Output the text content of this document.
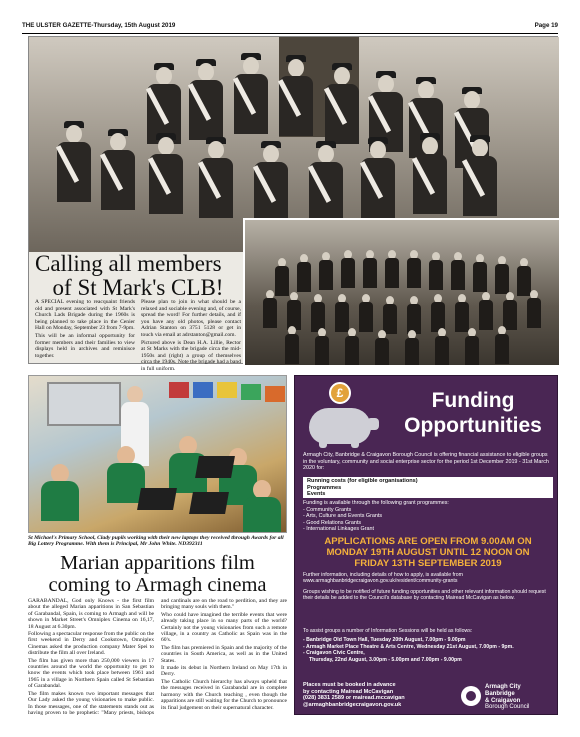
THE ULSTER GAZETTE-Thursday, 15th August 2019	Page 19
Calling all members
of St Mark's CLB!

A SPECIAL evening to reacquaint friends old and present associated with St Mark's Church Lads Brigade during the 1960s is being planned to take place in the Cenier Hall on Monday, September 23 from 7-9pm.

This will be an informal opportunity for former members and their families to view displays held in archives and reminisce together.

Please plan to join in what should be a relaxed and sociable evening and, of course, spread the word! For further details, and if you have any old photos, please contact Adrian Stanton on 3751 5128 or get in touch via email at adrstanton@gmail.com.

Pictured above is Dean H.A. Lillie, Rector at St Marks with the brigade circa the mid-1950s and (right) a group of themselves circa the 1940s. Note the brigade had a band in full uniform.

St Michael's Primary School, Clady pupils working with their new laptops they received through Awards for all Big Lottery Programme. With them is Principal, Mr John White. ND392311
Marian apparitions film
coming to Armagh cinema

GARABANDAL, God only Knows - the first film about the alleged Marian apparitions in San Sebastian of Garabandal, Spain, is coming to Armagh and will be shown in Market Street's Omniplex Cinema on 16,17, 18 August at 6.30pm.

Following a spectacular response from the public on the first weekend in Derry and Cookstown, Omniplex Cinemas asked the production company Mater Spei to distribute the film all over Ireland.

The film has given more than 250,000 viewers in 17 countries around the world the opportunity to get to know the events which took place between 1961 and 1965 in a village in Northern Spain called St Sebastian of Garabandal.

The film makes known two important messages that Our Lady asked the young visionaries to make public. In those messages, one of the statements stands out as having proven to be prophetic: "Many priests, bishops and cardinals are on the road to perdition, and they are bringing many souls with them."

Who could have imagined the terrible events that were already taking place in so many parts of the world? Certainly not the young visionaries from such a remote village, in a country as Catholic as Spain was in the 60's.

The film has premiered in Spain and the majority of the countries in South America, as well as in the United States.

It made its debut in Northern Ireland on May 17th in Derry.

The Catholic Church hierarchy has always upheld that the messages received in Garabandal are in complete harmony with the Church teaching , even though the apparitions are still waiting for the Church to pronounce its final judgement on their supernatural character.

£	Funding
Opportunities
Armagh City, Banbridge & Craigavon Borough Council is offering financial assistance to eligible groups in the voluntary, community and social enterprise sector for the period 1st December 2019 - 31st March 2020 for:
Running costs (for eligible organisations)
Programmes
Events
Funding is available through the following grant programmes:
- Community Grants
- Arts, Culture and Events Grants
- Good Relations Grants
- International Linkages Grant
APPLICATIONS ARE OPEN FROM 9.00AM ON
MONDAY 19TH AUGUST UNTIL 12 NOON ON
FRIDAY 13TH SEPTEMBER 2019
Further information, including details of how to apply, is available from www.armaghbanbridgecraigavon.gov.uk/resident/community-grants
Groups wishing to be notified of future funding opportunities and other relevant information should request their details be added to the Council's database by contacting Mairead McCavigan as below.
To assist groups a number of Information Sessions will be held as follows:
- Banbridge Old Town Hall, Tuesday 20th August, 7.00pm - 9.00pm
- Armagh Market Place Theatre & Arts Centre, Wednesday 21st August, 7.00pm - 9pm.
- Craigavon Civic Centre,
Thursday, 22nd August, 3.00pm - 5.00pm and 7.00pm - 9.00pm
Places must be booked in advance
by contacting Mairead McCavigan
(028) 3831 2589 or mairead.mccavigan
@armaghbanbridgecraigavon.gov.uk
Armagh City
Banbridge
& Craigavon
Borough Council
